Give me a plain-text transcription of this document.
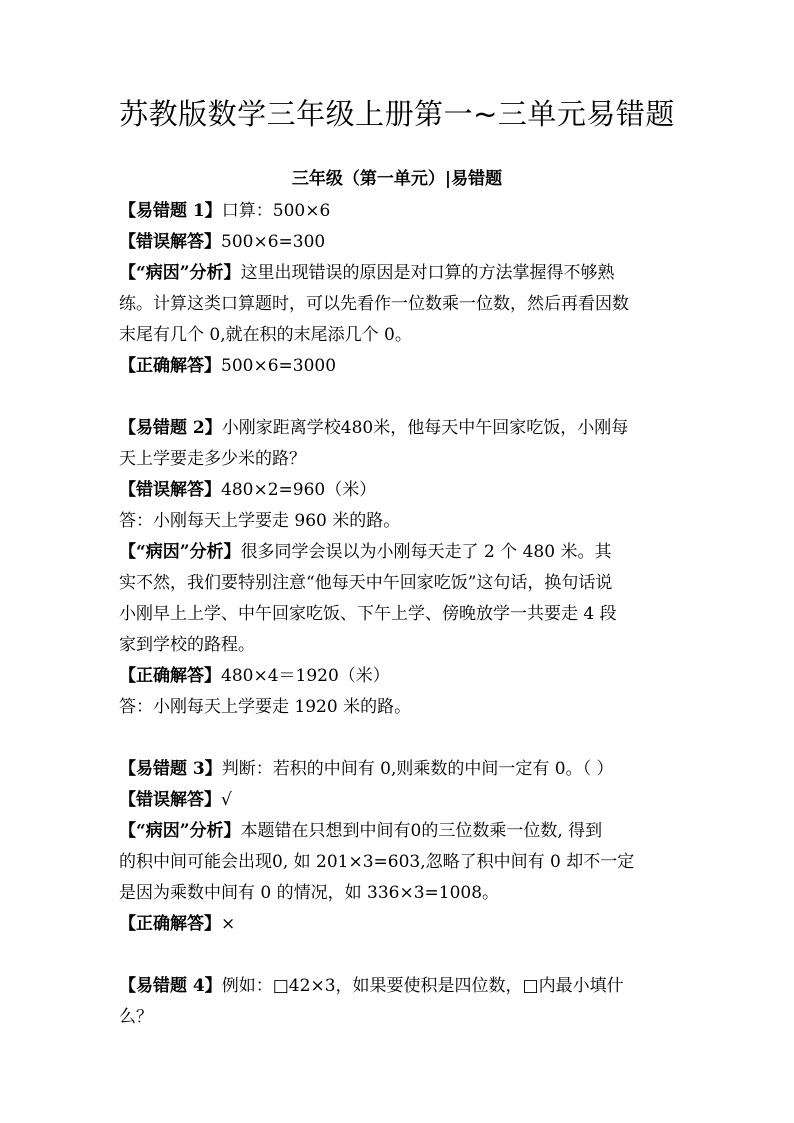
苏教版数学三年级上册第一~三单元易错题
三年级（第一单元）|易错题
【易错题 1】口算：500×6
【错误解答】500×6=300
【“病因”分析】这里出现错误的原因是对口算的方法掌握得不够熟
练。计算这类口算题时，可以先看作一位数乘一位数，然后再看因数
末尾有几个 0,就在积的末尾添几个 0。
【正确解答】500×6=3000
【易错题 2】小刚家距离学校480米，他每天中午回家吃饭，小刚每
天上学要走多少米的路？
【错误解答】480×2=960（米）
答：小刚每天上学要走 960 米的路。
【“病因”分析】很多同学会误以为小刚每天走了 2 个 480 米。其
实不然，我们要特别注意“他每天中午回家吃饭”这句话，换句话说
小刚早上上学、中午回家吃饭、下午上学、傍晚放学一共要走 4 段
家到学校的路程。
【正确解答】480×4＝1920（米）
答：小刚每天上学要走 1920 米的路。
【易错题 3】判断：若积的中间有 0,则乘数的中间一定有 0。（ ）
【错误解答】√
【“病因”分析】本题错在只想到中间有0的三位数乘一位数, 得到
的积中间可能会出现0, 如 201×3=603,忽略了积中间有 0 却不一定
是因为乘数中间有 0 的情况，如 336×3=1008。
【正确解答】×
【易错题 4】例如：□42×3，如果要使积是四位数，□内最小填什
么？
